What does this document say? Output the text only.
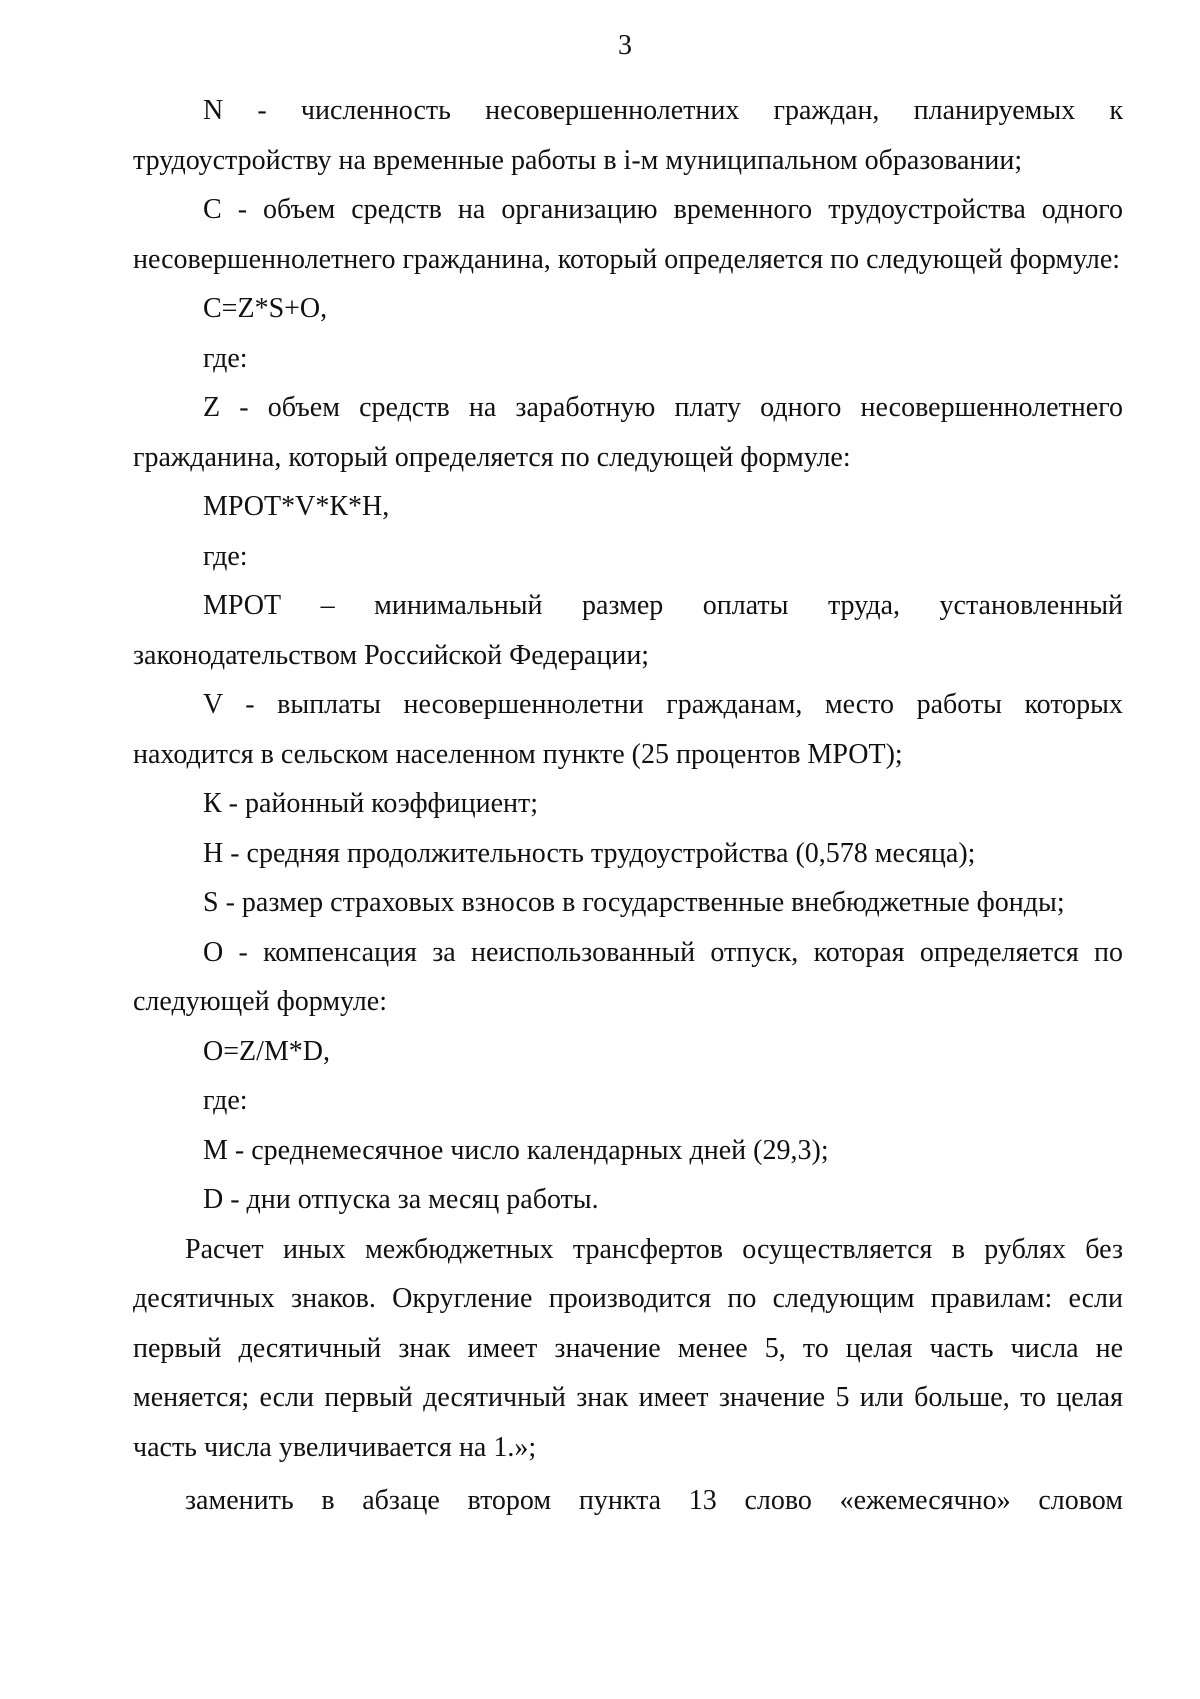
3

N - численность несовершеннолетних граждан, планируемых к трудоустройству на временные работы в i-м муниципальном образовании;

C - объем средств на организацию временного трудоустройства одного несовершеннолетнего гражданина, который определяется по следующей формуле:

C=Z*S+O,

где:

Z - объем средств на заработную плату одного несовершеннолетнего гражданина, который определяется по следующей формуле:

МРОТ*V*К*Н,

где:

МРОТ – минимальный размер оплаты труда, установленный законодательством Российской Федерации;

V - выплаты несовершеннолетни гражданам, место работы которых находится в сельском населенном пункте (25 процентов МРОТ);

К - районный коэффициент;

Н - средняя продолжительность трудоустройства (0,578 месяца);

S - размер страховых взносов в государственные внебюджетные фонды;

O - компенсация за неиспользованный отпуск, которая определяется по следующей формуле:

O=Z/M*D,

где:

M - среднемесячное число календарных дней (29,3);

D - дни отпуска за месяц работы.

Расчет иных межбюджетных трансфертов осуществляется в рублях без десятичных знаков. Округление производится по следующим правилам: если первый десятичный знак имеет значение менее 5, то целая часть числа не меняется; если первый десятичный знак имеет значение 5 или больше, то целая часть числа увеличивается на 1.»;

заменить в абзаце втором пункта 13 слово «ежемесячно» словом
